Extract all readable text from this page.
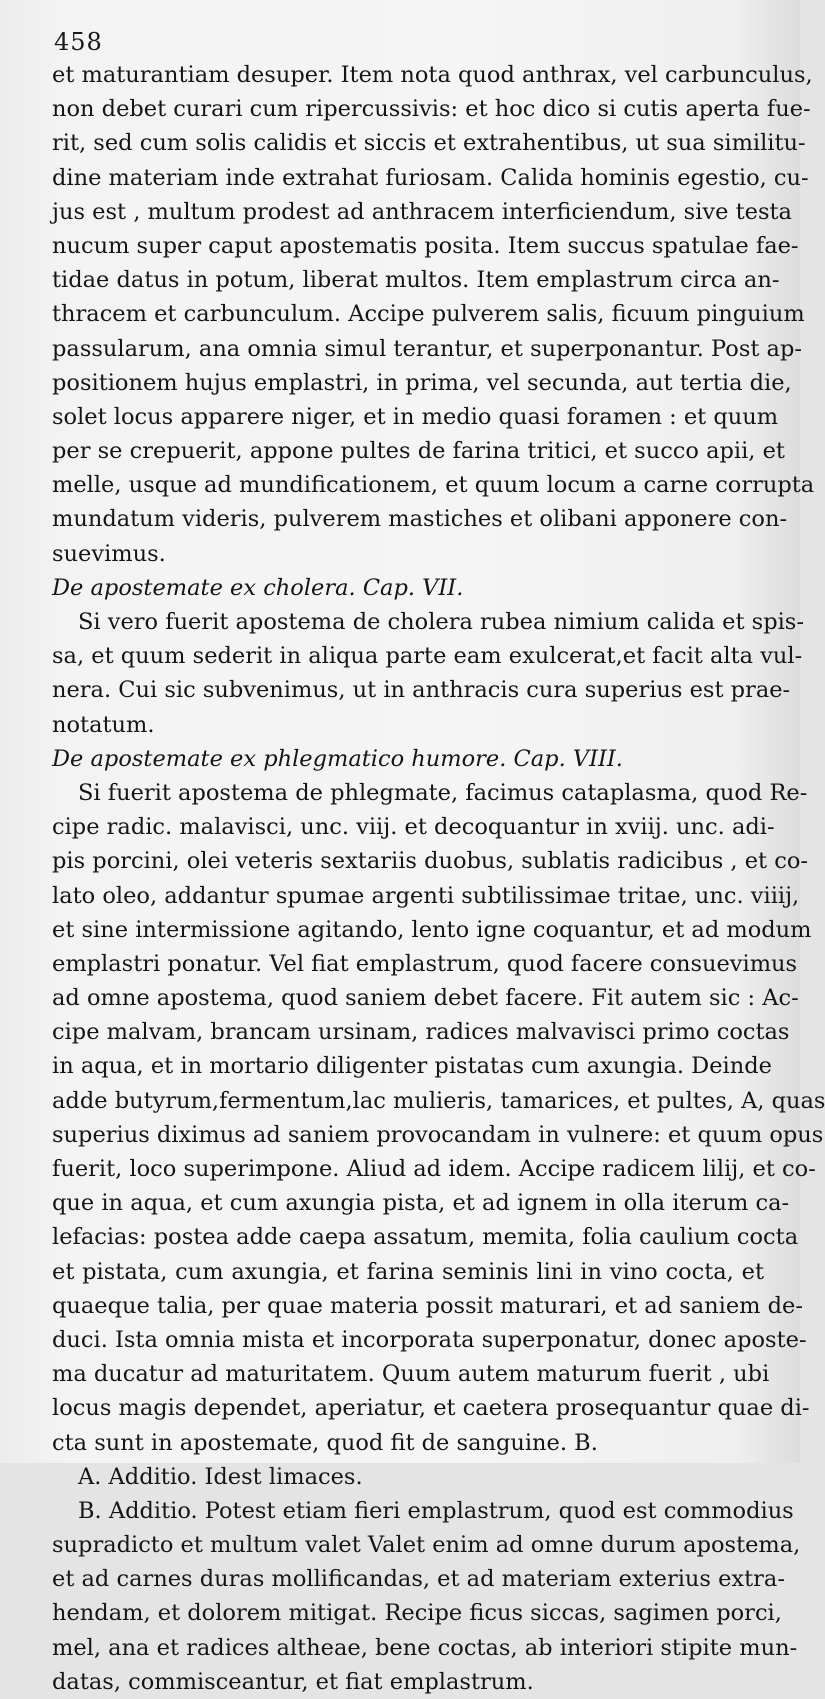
458
et maturantiam desuper. Item nota quod anthrax, vel carbunculus,
non debet curari cum ripercussivis: et hoc dico si cutis aperta fue-
rit, sed cum solis calidis et siccis et extrahentibus, ut sua similitu-
dine materiam inde extrahat furiosam. Calida hominis egestio, cu-
jus est , multum prodest ad anthracem interficiendum, sive testa
nucum super caput apostematis posita. Item succus spatulae fae-
tidae datus in potum, liberat multos. Item emplastrum circa an-
thracem et carbunculum. Accipe pulverem salis, ficuum pinguium
passularum, ana omnia simul terantur, et superponantur. Post ap-
positionem hujus emplastri, in prima, vel secunda, aut tertia die,
solet locus apparere niger, et in medio quasi foramen : et quum
per se crepuerit, appone pultes de farina tritici, et succo apii, et
melle, usque ad mundificationem, et quum locum a carne corrupta
mundatum videris, pulverem mastiches et olibani apponere con-
suevimus.
De apostemate ex cholera. Cap. VII.
Si vero fuerit apostema de cholera rubea nimium calida et spis-
sa, et quum sederit in aliqua parte eam exulcerat,et facit alta vul-
nera. Cui sic subvenimus, ut in anthracis cura superius est prae-
notatum.
De apostemate ex phlegmatico humore. Cap. VIII.
Si fuerit apostema de phlegmate, facimus cataplasma, quod Re-
cipe radic. malavisci, unc. viij. et decoquantur in xviij. unc. adi-
pis porcini, olei veteris sextariis duobus, sublatis radicibus , et co-
lato oleo, addantur spumae argenti subtilissimae tritae, unc. viiij,
et sine intermissione agitando, lento igne coquantur, et ad modum
emplastri ponatur. Vel fiat emplastrum, quod facere consuevimus
ad omne apostema, quod saniem debet facere. Fit autem sic : Ac-
cipe malvam, brancam ursinam, radices malvavisci primo coctas
in aqua, et in mortario diligenter pistatas cum axungia. Deinde
adde butyrum,fermentum,lac mulieris, tamarices, et pultes, A, quas
superius diximus ad saniem provocandam in vulnere: et quum opus
fuerit, loco superimpone. Aliud ad idem. Accipe radicem lilij, et co-
que in aqua, et cum axungia pista, et ad ignem in olla iterum ca-
lefacias: postea adde caepa assatum, memita, folia caulium cocta
et pistata, cum axungia, et farina seminis lini in vino cocta, et
quaeque talia, per quae materia possit maturari, et ad saniem de-
duci. Ista omnia mista et incorporata superponatur, donec aposte-
ma ducatur ad maturitatem. Quum autem maturum fuerit , ubi
locus magis dependet, aperiatur, et caetera prosequantur quae di-
cta sunt in apostemate, quod fit de sanguine. B.
A. Additio. Idest limaces.
B. Additio. Potest etiam fieri emplastrum, quod est commodius
supradicto et multum valet Valet enim ad omne durum apostema,
et ad carnes duras mollificandas, et ad materiam exterius extra-
hendam, et dolorem mitigat. Recipe ficus siccas, sagimen porci,
mel, ana et radices altheae, bene coctas, ab interiori stipite mun-
datas, commisceantur, et fiat emplastrum.
